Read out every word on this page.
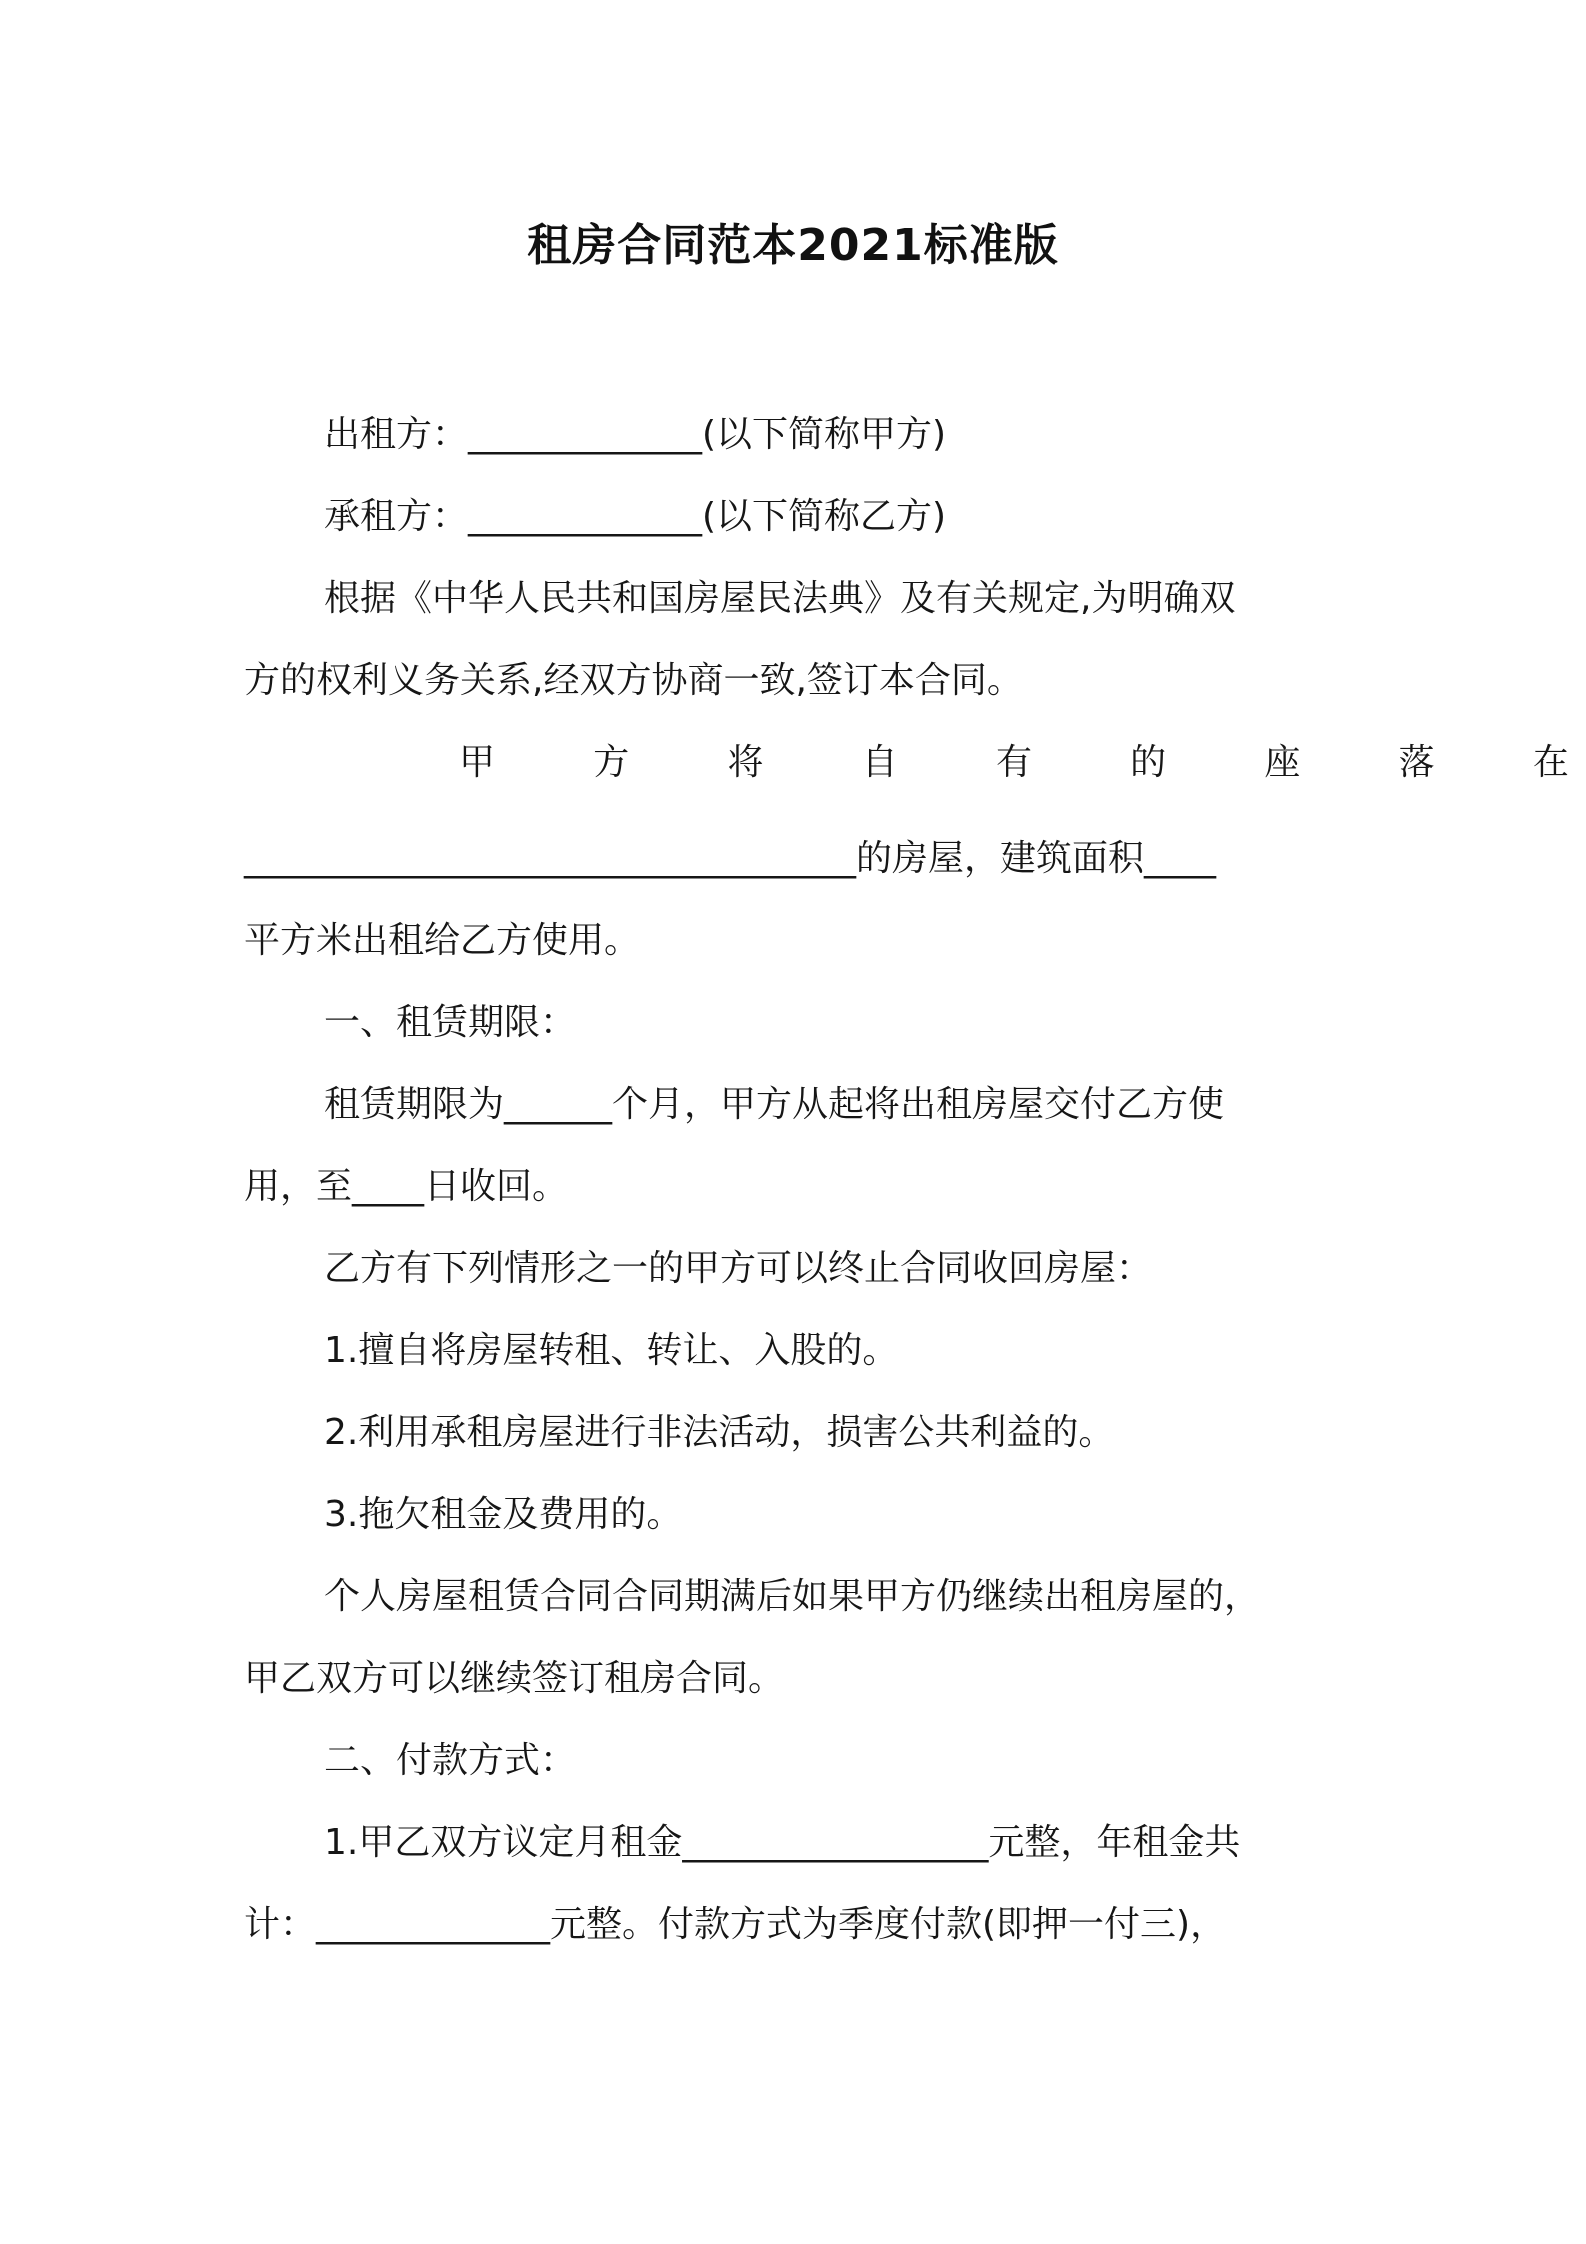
租房合同范本2021标准版
出租方：_____________(以下简称甲方)
承租方：_____________(以下简称乙方)
根据《中华人民共和国房屋民法典》及有关规定,为明确双
方的权利义务关系,经双方协商一致,签订本合同。
甲	方	将	自	有	的	座	落	在
__________________________________的房屋，建筑面积____
平方米出租给乙方使用。
一、租赁期限：
租赁期限为______个月，甲方从起将出租房屋交付乙方使
用，至____日收回。
乙方有下列情形之一的甲方可以终止合同收回房屋：
1.擅自将房屋转租、转让、入股的。
2.利用承租房屋进行非法活动，损害公共利益的。
3.拖欠租金及费用的。
个人房屋租赁合同合同期满后如果甲方仍继续出租房屋的，
甲乙双方可以继续签订租房合同。
二、付款方式：
1.甲乙双方议定月租金_________________元整，年租金共
计：_____________元整。付款方式为季度付款(即押一付三)，
